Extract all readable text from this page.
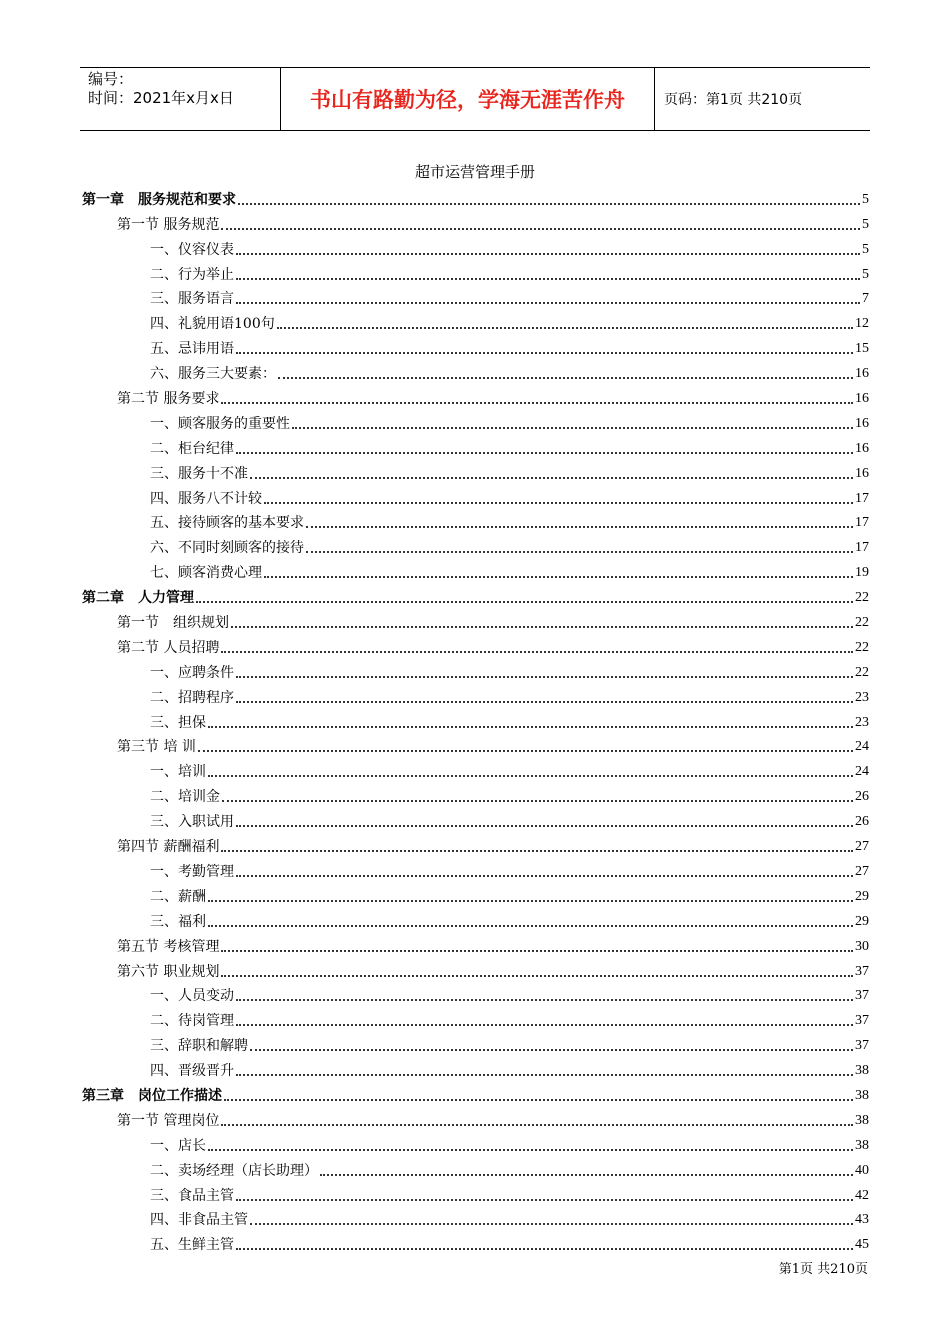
编号：
时间：2021年x月x日	书山有路勤为径，学海无涯苦作舟	页码：第1页 共210页
超市运营管理手册
第一章　服务规范和要求	5
第一节 服务规范	5
一、仪容仪表	5
二、行为举止	5
三、服务语言	7
四、礼貌用语100句	12
五、忌讳用语	15
六、服务三大要素：	16
第二节 服务要求	16
一、顾客服务的重要性	16
二、柜台纪律	16
三、服务十不准	16
四、服务八不计较	17
五、接待顾客的基本要求	17
六、不同时刻顾客的接待	17
七、顾客消费心理	19
第二章　人力管理	22
第一节　组织规划	22
第二节 人员招聘	22
一、应聘条件	22
二、招聘程序	23
三、担保	23
第三节 培 训	24
一、培训	24
二、培训金	26
三、入职试用	26
第四节 薪酬福利	27
一、考勤管理	27
二、薪酬	29
三、福利	29
第五节 考核管理	30
第六节 职业规划	37
一、人员变动	37
二、待岗管理	37
三、辞职和解聘	37
四、晋级晋升	38
第三章　岗位工作描述	38
第一节 管理岗位	38
一、店长	38
二、卖场经理（店长助理）	40
三、食品主管	42
四、非食品主管	43
五、生鲜主管	45
第1页 共210页
